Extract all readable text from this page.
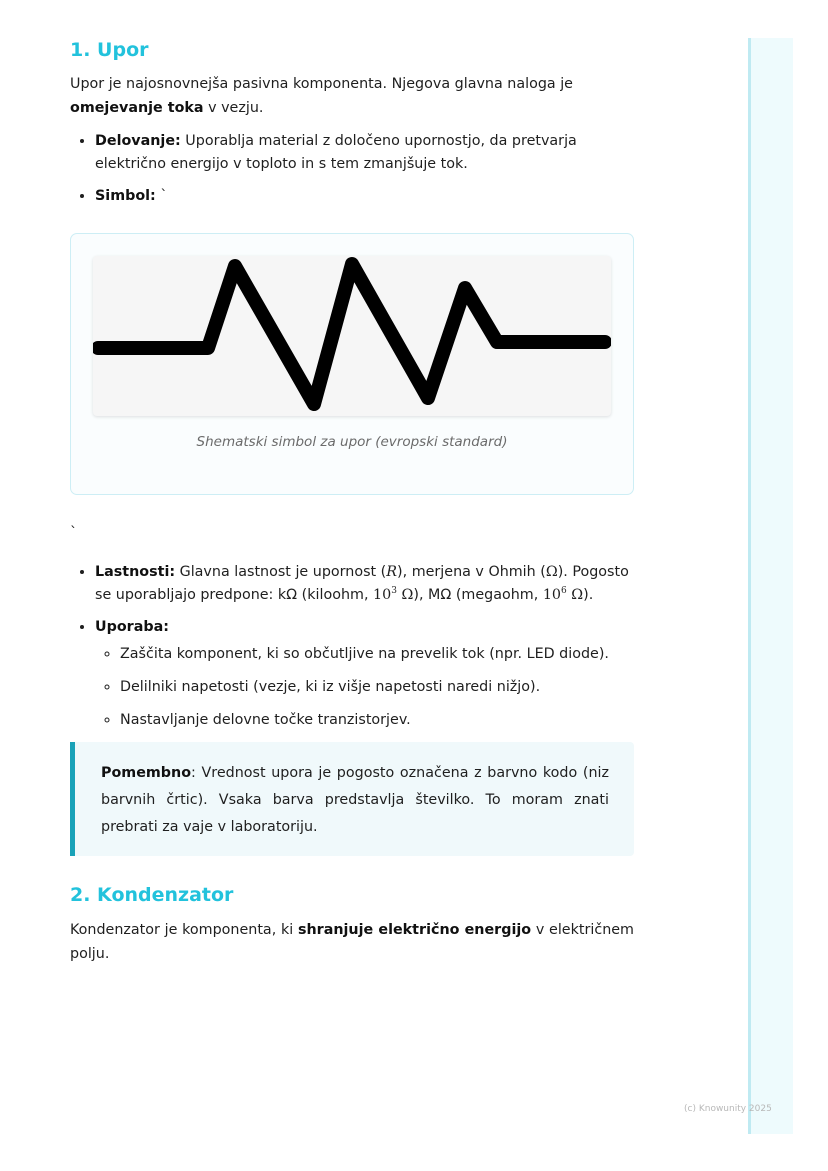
(c) Knowunity 2025
1. Upor

Upor je najosnovnejša pasivna komponenta. Njegova glavna naloga je omejevanje toka v vezju.

• Delovanje: Uporablja material z določeno upornostjo, da pretvarja električno energijo v toploto in s tem zmanjšuje tok.
• Simbol: `
Shematski simbol za upor (evropski standard)

`

• Lastnosti: Glavna lastnost je upornost (R), merjena v Ohmih (Ω). Pogosto se uporabljajo predpone: kΩ (kiloohm, $10^3$ Ω), MΩ (megaohm, $10^6$ Ω).
• Uporaba:
◦ Zaščita komponent, ki so občutljive na prevelik tok (npr. LED diode).
◦ Delilniki napetosti (vezje, ki iz višje napetosti naredi nižjo).
◦ Nastavljanje delovne točke tranzistorjev.

Pomembno: Vrednost upora je pogosto označena z barvno kodo (niz barvnih črtic). Vsaka barva predstavlja številko. To moram znati prebrati za vaje v laboratoriju.

2. Kondenzator

Kondenzator je komponenta, ki shranjuje električno energijo v električnem polju.
